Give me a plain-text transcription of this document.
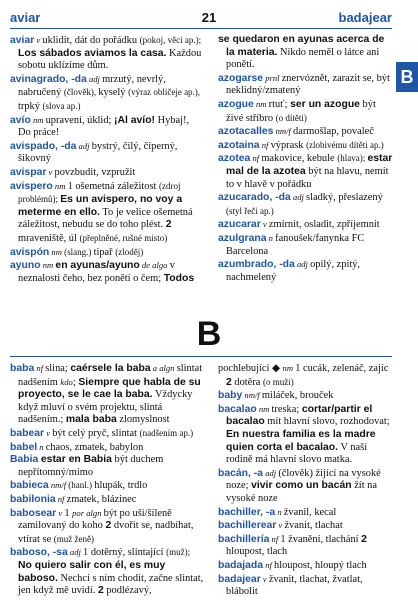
aviar	21	badajear
B
aviar v uklidit, dát do pořádku (pokoj, věci ap.); Los sábados aviamos la casa. Každou sobotu uklízíme dům.
avinagrado, -da adj mrzutý, nevrlý, nabručený (člověk), kyselý (výraz obličeje ap.), trpký (slova ap.)
avío nm upravení, úklid; ¡Al avío! Hybaj!, Do práce!
avispado, -da adj bystrý, čilý, čiperný, šikovný
avispar v povzbudit, vzpružit
avispero nm 1 ošemetná záležitost (zdroj problémů); Es un avispero, no voy a meterme en ello. To je velice ošemetná záležitost, nebudu se do toho plést. 2 mraveniště, úl (přeplněné, rušné místo)
avispón nm (slang.) tipař (zloděj)
ayuno nm en ayunas/ayuno de algo v neznalosti čeho, bez ponětí o čem; Todos
se quedaron en ayunas acerca de la materia. Nikdo neměl o látce ani ponětí.
azogarse prnl znervóznět, zarazit se, být neklidný/zmatený
azogue nm rtuť; ser un azogue být živé stříbro (o dítěti)
azotacalles nm/f darmošlap, povaleč
azotaina nf výprask (zlobivému dítěti ap.)
azotea nf makovice, kebule (hlava); estar mal de la azotea být na hlavu, nemít to v hlavě v pořádku
azucarado, -da adj sladký, přeslazený (styl řeči ap.)
azucarar v zmírnit, osladit, zpříjemnit
azulgrana n fanoušek/fanynka FC Barcelona
azumbrado, -da adj opilý, zpitý, nachmelený
B
baba nf slina; caérsele la baba a algn slintat nadšením kdo; Siempre que habla de su proyecto, se le cae la baba. Vždycky když mluví o svém projektu, slintá nadšením.; mala baba zlomyslnost
babear v být celý pryč, slintat (nadšením ap.)
babel n chaos, zmatek, babylon
Babia estar en Babia být duchem nepřítomný/mimo
babieca nm/f (hanl.) hlupák, trdlo
babilonia nf zmatek, blázinec
babosear v 1 por algn být po uši/šíleně zamilovaný do koho 2 dvořit se, nadbíhat, vtírat se (muž ženě)
baboso, -sa adj 1 dotěrný, slintající (muž); No quiero salir con él, es muy baboso. Nechci s ním chodit, začne slintat, jen když mě uvidí. 2 podlézavý,
pochlebující ◆ nm 1 cucák, zelenáč, zajíc 2 dotěra (o muži)
baby nm/f miláček, brouček
bacalao nm treska; cortar/partir el bacalao mít hlavní slovo, rozhodovat; En nuestra familia es la madre quien corta el bacalao. V naší rodině má hlavní slovo matka.
bacán, -a adj (člověk) žijící na vysoké noze; vivir como un bacán žít na vysoké noze
bachiller, -a n žvanil, kecal
bachillerear v žvanit, tlachat
bachillería nf 1 žvanění, tlachání 2 hloupost, tlach
badajada nf hloupost, hloupý tlach
badajear v žvanit, tlachat, žvatlat, blábolit
